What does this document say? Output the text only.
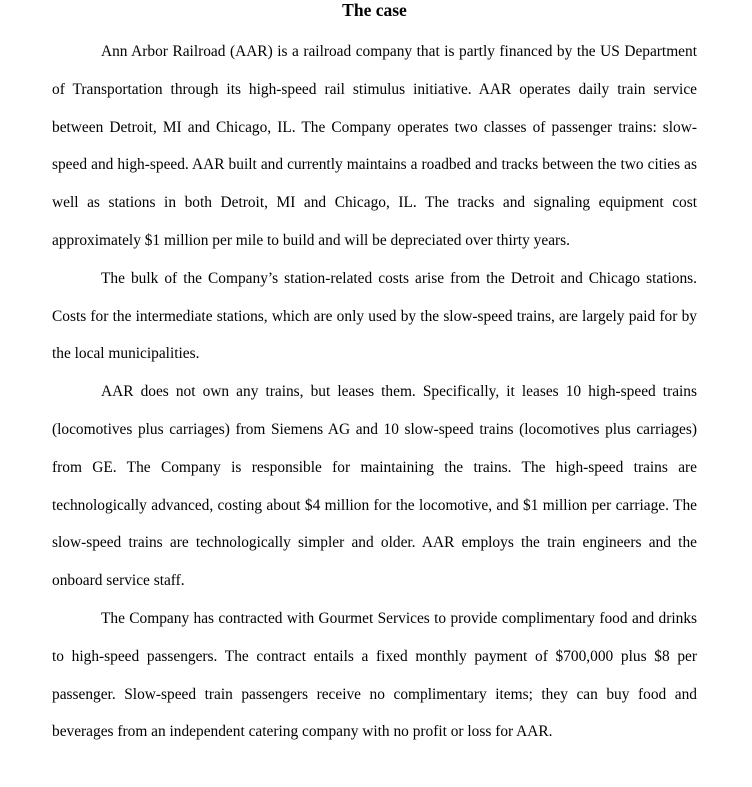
The case

Ann Arbor Railroad (AAR) is a railroad company that is partly financed by the US Department of Transportation through its high-speed rail stimulus initiative. AAR operates daily train service between Detroit, MI and Chicago, IL. The Company operates two classes of passenger trains: slow-speed and high-speed. AAR built and currently maintains a roadbed and tracks between the two cities as well as stations in both Detroit, MI and Chicago, IL. The tracks and signaling equipment cost approximately $1 million per mile to build and will be depreciated over thirty years.

The bulk of the Company’s station-related costs arise from the Detroit and Chicago stations. Costs for the intermediate stations, which are only used by the slow-speed trains, are largely paid for by the local municipalities.

AAR does not own any trains, but leases them. Specifically, it leases 10 high-speed trains (locomotives plus carriages) from Siemens AG and 10 slow-speed trains (locomotives plus carriages) from GE. The Company is responsible for maintaining the trains. The high-speed trains are technologically advanced, costing about $4 million for the locomotive, and $1 million per carriage. The slow-speed trains are technologically simpler and older. AAR employs the train engineers and the onboard service staff.

The Company has contracted with Gourmet Services to provide complimentary food and drinks to high-speed passengers. The contract entails a fixed monthly payment of $700,000 plus $8 per passenger. Slow-speed train passengers receive no complimentary items; they can buy food and beverages from an independent catering company with no profit or loss for AAR.
